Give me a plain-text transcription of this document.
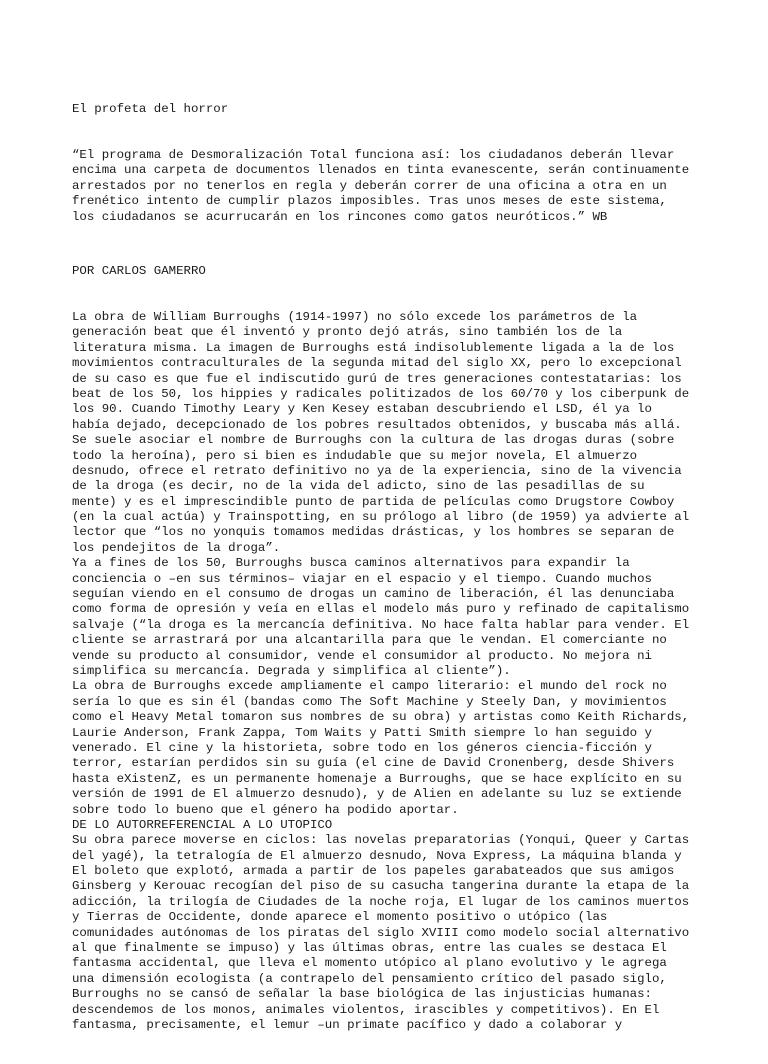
El profeta del horror

“El programa de Desmoralización Total funciona así: los ciudadanos deberán llevar
encima una carpeta de documentos llenados en tinta evanescente, serán continuamente
arrestados por no tenerlos en regla y deberán correr de una oficina a otra en un
frenético intento de cumplir plazos imposibles. Tras unos meses de este sistema,
los ciudadanos se acurrucarán en los rincones como gatos neuróticos.” WB

POR CARLOS GAMERRO

La obra de William Burroughs (1914-1997) no sólo excede los parámetros de la
generación beat que él inventó y pronto dejó atrás, sino también los de la
literatura misma. La imagen de Burroughs está indisolublemente ligada a la de los
movimientos contraculturales de la segunda mitad del siglo XX, pero lo excepcional
de su caso es que fue el indiscutido gurú de tres generaciones contestatarias: los
beat de los 50, los hippies y radicales politizados de los 60/70 y los ciberpunk de
los 90. Cuando Timothy Leary y Ken Kesey estaban descubriendo el LSD, él ya lo
había dejado, decepcionado de los pobres resultados obtenidos, y buscaba más allá.
Se suele asociar el nombre de Burroughs con la cultura de las drogas duras (sobre
todo la heroína), pero si bien es indudable que su mejor novela, El almuerzo
desnudo, ofrece el retrato definitivo no ya de la experiencia, sino de la vivencia
de la droga (es decir, no de la vida del adicto, sino de las pesadillas de su
mente) y es el imprescindible punto de partida de películas como Drugstore Cowboy
(en la cual actúa) y Trainspotting, en su prólogo al libro (de 1959) ya advierte al
lector que “los no yonquis tomamos medidas drásticas, y los hombres se separan de
los pendejitos de la droga”.
Ya a fines de los 50, Burroughs busca caminos alternativos para expandir la
conciencia o –en sus términos– viajar en el espacio y el tiempo. Cuando muchos
seguían viendo en el consumo de drogas un camino de liberación, él las denunciaba
como forma de opresión y veía en ellas el modelo más puro y refinado de capitalismo
salvaje (“la droga es la mercancía definitiva. No hace falta hablar para vender. El
cliente se arrastrará por una alcantarilla para que le vendan. El comerciante no
vende su producto al consumidor, vende el consumidor al producto. No mejora ni
simplifica su mercancía. Degrada y simplifica al cliente”).
La obra de Burroughs excede ampliamente el campo literario: el mundo del rock no
sería lo que es sin él (bandas como The Soft Machine y Steely Dan, y movimientos
como el Heavy Metal tomaron sus nombres de su obra) y artistas como Keith Richards,
Laurie Anderson, Frank Zappa, Tom Waits y Patti Smith siempre lo han seguido y
venerado. El cine y la historieta, sobre todo en los géneros ciencia-ficción y
terror, estarían perdidos sin su guía (el cine de David Cronenberg, desde Shivers
hasta eXistenZ, es un permanente homenaje a Burroughs, que se hace explícito en su
versión de 1991 de El almuerzo desnudo), y de Alien en adelante su luz se extiende
sobre todo lo bueno que el género ha podido aportar.
DE LO AUTORREFERENCIAL A LO UTOPICO
Su obra parece moverse en ciclos: las novelas preparatorias (Yonqui, Queer y Cartas
del yagé), la tetralogía de El almuerzo desnudo, Nova Express, La máquina blanda y
El boleto que explotó, armada a partir de los papeles garabateados que sus amigos
Ginsberg y Kerouac recogían del piso de su casucha tangerina durante la etapa de la
adicción, la trilogía de Ciudades de la noche roja, El lugar de los caminos muertos
y Tierras de Occidente, donde aparece el momento positivo o utópico (las
comunidades autónomas de los piratas del siglo XVIII como modelo social alternativo
al que finalmente se impuso) y las últimas obras, entre las cuales se destaca El
fantasma accidental, que lleva el momento utópico al plano evolutivo y le agrega
una dimensión ecologista (a contrapelo del pensamiento crítico del pasado siglo,
Burroughs no se cansó de señalar la base biológica de las injusticias humanas:
descendemos de los monos, animales violentos, irascibles y competitivos). En El
fantasma, precisamente, el lemur –un primate pacífico y dado a colaborar y
